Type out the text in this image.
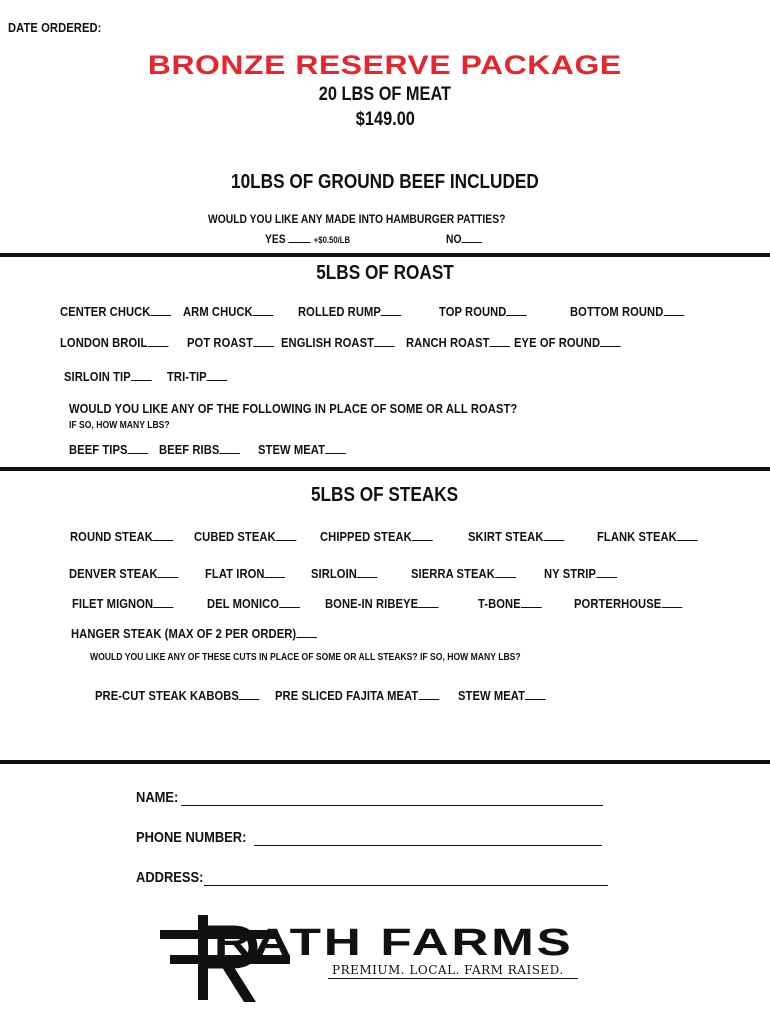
DATE ORDERED:
BRONZE RESERVE PACKAGE
20 LBS OF MEAT
$149.00
10LBS OF GROUND BEEF INCLUDED
WOULD YOU LIKE ANY MADE INTO HAMBURGER PATTIES?
YES	+$0.50/LB	NO
5LBS OF ROAST
CENTER CHUCK	ARM CHUCK	ROLLED RUMP	TOP ROUND	BOTTOM ROUND
LONDON BROIL	POT ROAST	ENGLISH ROAST	RANCH ROAST	EYE OF ROUND
SIRLOIN TIP	TRI-TIP
WOULD YOU LIKE ANY OF THE FOLLOWING IN PLACE OF SOME OR ALL ROAST?
IF SO, HOW MANY LBS?
BEEF TIPS	BEEF RIBS	STEW MEAT
5LBS OF STEAKS
ROUND STEAK	CUBED STEAK	CHIPPED STEAK	SKIRT STEAK	FLANK STEAK
DENVER STEAK	FLAT IRON	SIRLOIN	SIERRA STEAK	NY STRIP
FILET MIGNON	DEL MONICO	BONE-IN RIBEYE	T-BONE	PORTERHOUSE
HANGER STEAK (MAX OF 2 PER ORDER)
WOULD YOU LIKE ANY OF THESE CUTS IN PLACE OF SOME OR ALL STEAKS? IF SO, HOW MANY LBS?
PRE-CUT STEAK KABOBS	PRE SLICED FAJITA MEAT	STEW MEAT
NAME:
PHONE NUMBER:
ADDRESS:
RATH FARMS
PREMIUM. LOCAL. FARM RAISED.
